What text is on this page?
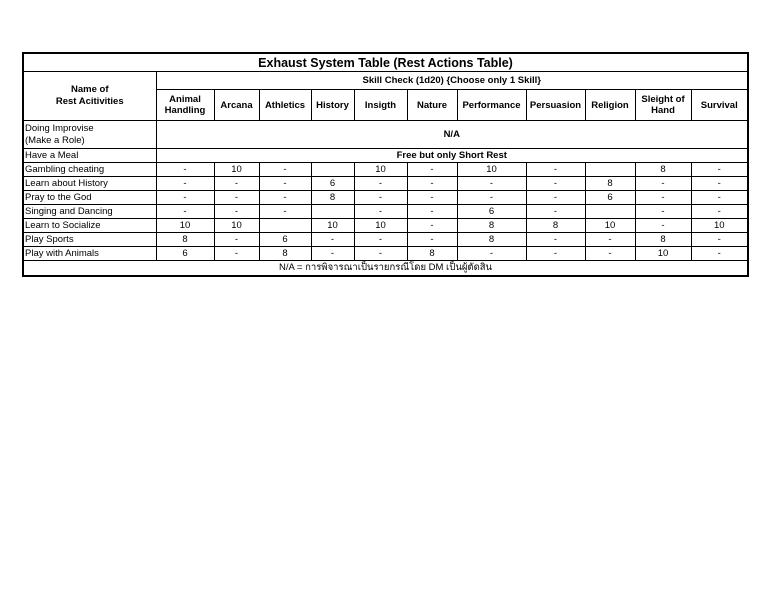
Exhaust System Table (Rest Actions Table)											
Name of
Rest Acitivities	Skill Check (1d20) {Choose only 1 Skill}										
	Animal
Handling	Arcana	Athletics	History	Insigth	Nature	Performance	Persuasion	Religion	Sleight of
Hand	Survival
Doing Improvise
(Make a Role)	N/A										
Have a Meal	Free but only Short Rest										
Gambling cheating	-	10	-		10	-	10	-		8	-
Learn about History	-	-	-	6	-	-	-	-	8	-	-
Pray to the God	-	-	-	8	-	-	-	-	6	-	-
Singing and Dancing	-	-	-		-	-	6	-		-	-
Learn to Socialize	10	10		10	10	-	8	8	10	-	10
Play Sports	8	-	6	-	-	-	8	-	-	8	-
Play with Animals	6	-	8	-	-	8	-	-	-	10	-
N/A = การพิจารณาเป็นรายกรณีโดย DM เป็นผู้ตัดสิน											
